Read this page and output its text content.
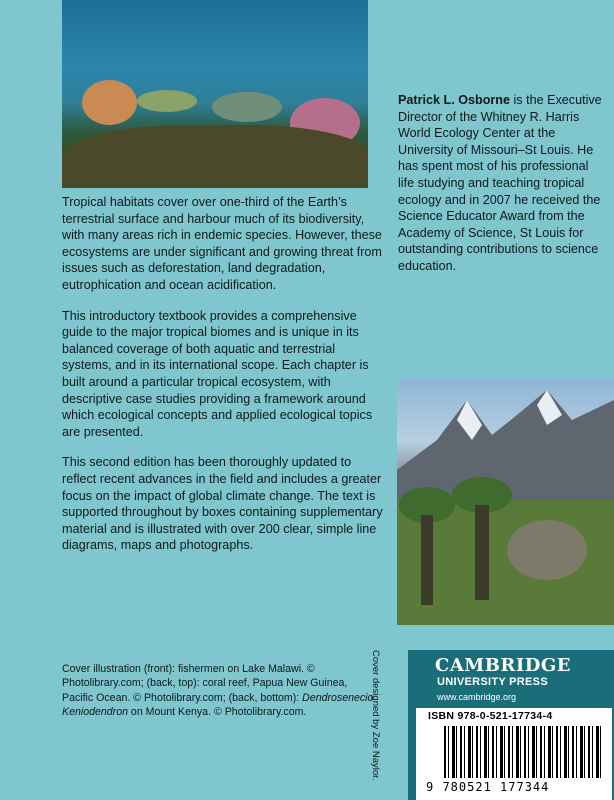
Tropical habitats cover over one-third of the Earth’s terrestrial surface and harbour much of its biodiversity, with many areas rich in endemic species. However, these ecosystems are under significant and growing threat from issues such as deforestation, land degradation, eutrophication and ocean acidification.

This introductory textbook provides a comprehensive guide to the major tropical biomes and is unique in its balanced coverage of both aquatic and terrestrial systems, and in its international scope. Each chapter is built around a particular tropical ecosystem, with descriptive case studies providing a framework around which ecological concepts and applied ecological topics are presented.

This second edition has been thoroughly updated to reflect recent advances in the field and includes a greater focus on the impact of global climate change. The text is supported throughout by boxes containing supplementary material and is illustrated with over 200 clear, simple line diagrams, maps and photographs.

Patrick L. Osborne is the Executive Director of the Whitney R. Harris World Ecology Center at the University of Missouri–St Louis. He has spent most of his professional life studying and teaching tropical ecology and in 2007 he received the Science Educator Award from the Academy of Science, St Louis for outstanding contributions to science education.
Cover illustration (front): fishermen on Lake Malawi. © Photolibrary.com; (back, top): coral reef, Papua New Guinea, Pacific Ocean. © Photolibrary.com; (back, bottom): Dendrosenecio Keniodendron on Mount Kenya. © Photolibrary.com.	Cover designed by Zoe Naylor.	CAMBRIDGE
UNIVERSITY PRESS
www.cambridge.org
ISBN 978-0-521-17734-4
9 780521 177344
